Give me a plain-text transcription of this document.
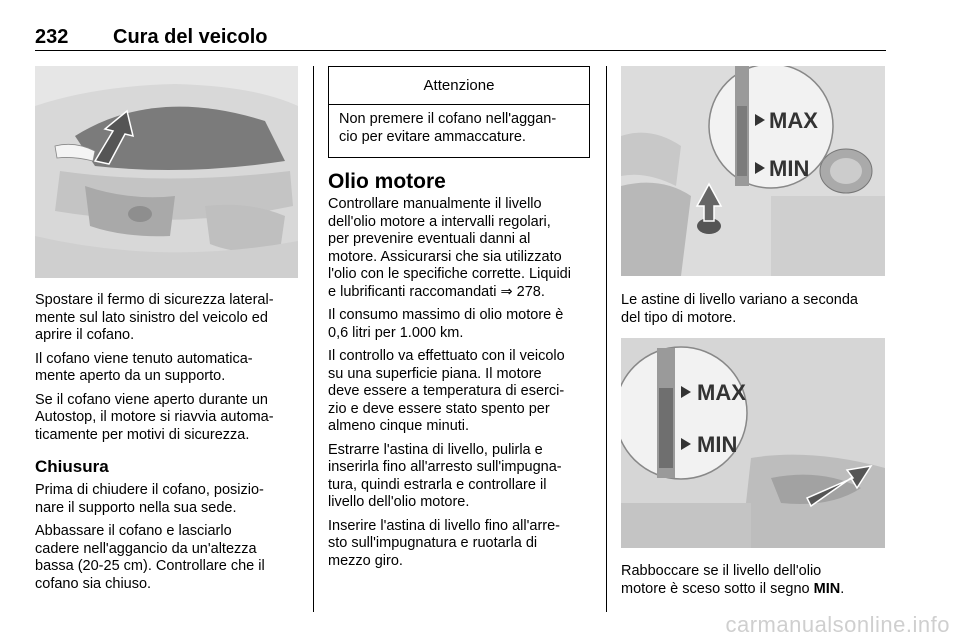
232 Cura del veicolo

Spostare il fermo di sicurezza lateral-
mente sul lato sinistro del veicolo ed
aprire il cofano.

Il cofano viene tenuto automatica-
mente aperto da un supporto.

Se il cofano viene aperto durante un
Autostop, il motore si riavvia automa-
ticamente per motivi di sicurezza.

Chiusura

Prima di chiudere il cofano, posizio-
nare il supporto nella sua sede.

Abbassare il cofano e lasciarlo
cadere nell'aggancio da un'altezza
bassa (20-25 cm). Controllare che il
cofano sia chiuso.

Attenzione
Non premere il cofano nell'aggan-
cio per evitare ammaccature.
Olio motore

Controllare manualmente il livello
dell'olio motore a intervalli regolari,
per prevenire eventuali danni al
motore. Assicurarsi che sia utilizzato
l'olio con le specifiche corrette. Liquidi
e lubrificanti raccomandati ⇒ 278.

Il consumo massimo di olio motore è
0,6 litri per 1.000 km.

Il controllo va effettuato con il veicolo
su una superficie piana. Il motore
deve essere a temperatura di eserci-
zio e deve essere stato spento per
almeno cinque minuti.

Estrarre l'astina di livello, pulirla e
inserirla fino all'arresto sull'impugna-
tura, quindi estrarla e controllare il
livello dell'olio motore.

Inserire l'astina di livello fino all'arre-
sto sull'impugnatura e ruotarla di
mezzo giro.

MAX
MIN

Le astine di livello variano a seconda
del tipo di motore.

MAX
MIN

Rabboccare se il livello dell'olio
motore è sceso sotto il segno MIN.

carmanualsonline.info
